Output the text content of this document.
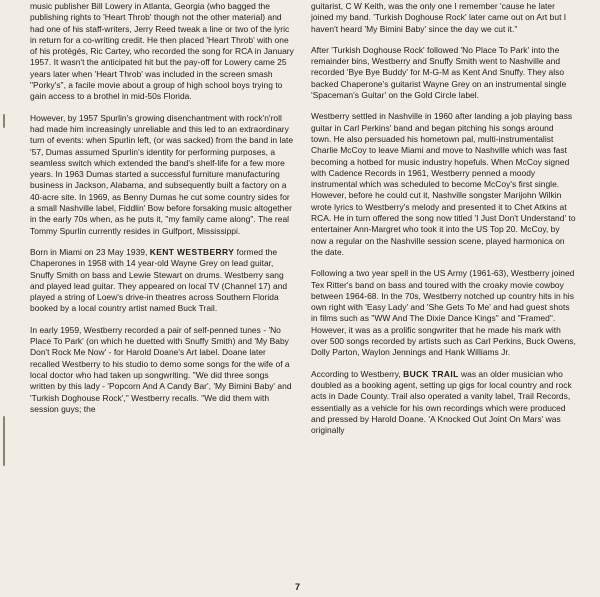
music publisher Bill Lowery in Atlanta, Georgia (who bagged the publishing rights to 'Heart Throb' though not the other material) and had one of his staff-writers, Jerry Reed tweak a line or two of the lyric in return for a co-writing credit. He then placed 'Heart Throb' with one of his protégés, Ric Cartey, who recorded the song for RCA in January 1957. It wasn't the anticipated hit but the pay-off for Lowery came 25 years later when 'Heart Throb' was included in the screen smash "Porky's", a facile movie about a group of high school boys trying to gain access to a brothel in mid-50s Florida.

However, by 1957 Spurlin's growing disenchantment with rock'n'roll had made him increasingly unreliable and this led to an extraordinary turn of events: when Spurlin left, (or was sacked) from the band in late '57, Dumas assumed Spurlin's identity for performing purposes, a seamless switch which extended the band's shelf-life for a few more years. In 1963 Dumas started a successful furniture manufacturing business in Jackson, Alabama, and subsequently built a factory on a 40-acre site. In 1969, as Benny Dumas he cut some country sides for a small Nashville label, Fiddlin' Bow before forsaking music altogether in the early 70s when, as he puts it, "my family came along". The real Tommy Spurlin currently resides in Gulfport, Mississippi.

Born in Miami on 23 May 1939, KENT WESTBERRY formed the Chaperones in 1958 with 14 year-old Wayne Grey on lead guitar, Snuffy Smith on bass and Lewie Stewart on drums. Westberry sang and played lead guitar. They appeared on local TV (Channel 17) and played a string of Loew's drive-in theatres across Southern Florida booked by a local country artist named Buck Trail.

In early 1959, Westberry recorded a pair of self-penned tunes - 'No Place To Park' (on which he duetted with Snuffy Smith) and 'My Baby Don't Rock Me Now' - for Harold Doane's Art label. Doane later recalled Westberry to his studio to demo some songs for the wife of a local doctor who had taken up songwriting. "We did three songs written by this lady - 'Popcorn And A Candy Bar', 'My Bimini Baby' and 'Turkish Doghouse Rock'," Westberry recalls. "We did them with session guys; the

guitarist, C W Keith, was the only one I remember 'cause he later joined my band. 'Turkish Doghouse Rock' later came out on Art but I haven't heard 'My Bimini Baby' since the day we cut it."

After 'Turkish Doghouse Rock' followed 'No Place To Park' into the remainder bins, Westberry and Snuffy Smith went to Nashville and recorded 'Bye Bye Buddy' for M-G-M as Kent And Snuffy. They also backed Chaperone's guitarist Wayne Grey on an instrumental single 'Spaceman's Guitar' on the Gold Circle label.

Westberry settled in Nashville in 1960 after landing a job playing bass guitar in Carl Perkins' band and began pitching his songs around town. He also persuaded his hometown pal, multi-instrumentalist Charlie McCoy to leave Miami and move to Nashville which was fast becoming a hotbed for music industry hopefuls. When McCoy signed with Cadence Records in 1961, Westberry penned a moody instrumental which was scheduled to become McCoy's first single. However, before he could cut it, Nashville songster Marijohn Wilkin wrote lyrics to Westberry's melody and presented it to Chet Atkins at RCA. He in turn offered the song now titled 'I Just Don't Understand' to entertainer Ann-Margret who took it into the US Top 20. McCoy, by now a regular on the Nashville session scene, played harmonica on the date.

Following a two year spell in the US Army (1961-63), Westberry joined Tex Ritter's band on bass and toured with the croaky movie cowboy between 1964-68. In the 70s, Westberry notched up country hits in his own right with 'Easy Lady' and 'She Gets To Me' and had guest shots in films such as "WW And The Dixie Dance Kings" and "Framed". However, it was as a prolific songwriter that he made his mark with over 500 songs recorded by artists such as Carl Perkins, Buck Owens, Dolly Parton, Waylon Jennings and Hank Williams Jr.

According to Westberry, BUCK TRAIL was an older musician who doubled as a booking agent, setting up gigs for local country and rock acts in Dade County. Trail also operated a vanity label, Trail Records, essentially as a vehicle for his own recordings which were produced and pressed by Harold Doane. 'A Knocked Out Joint On Mars' was originally

7
